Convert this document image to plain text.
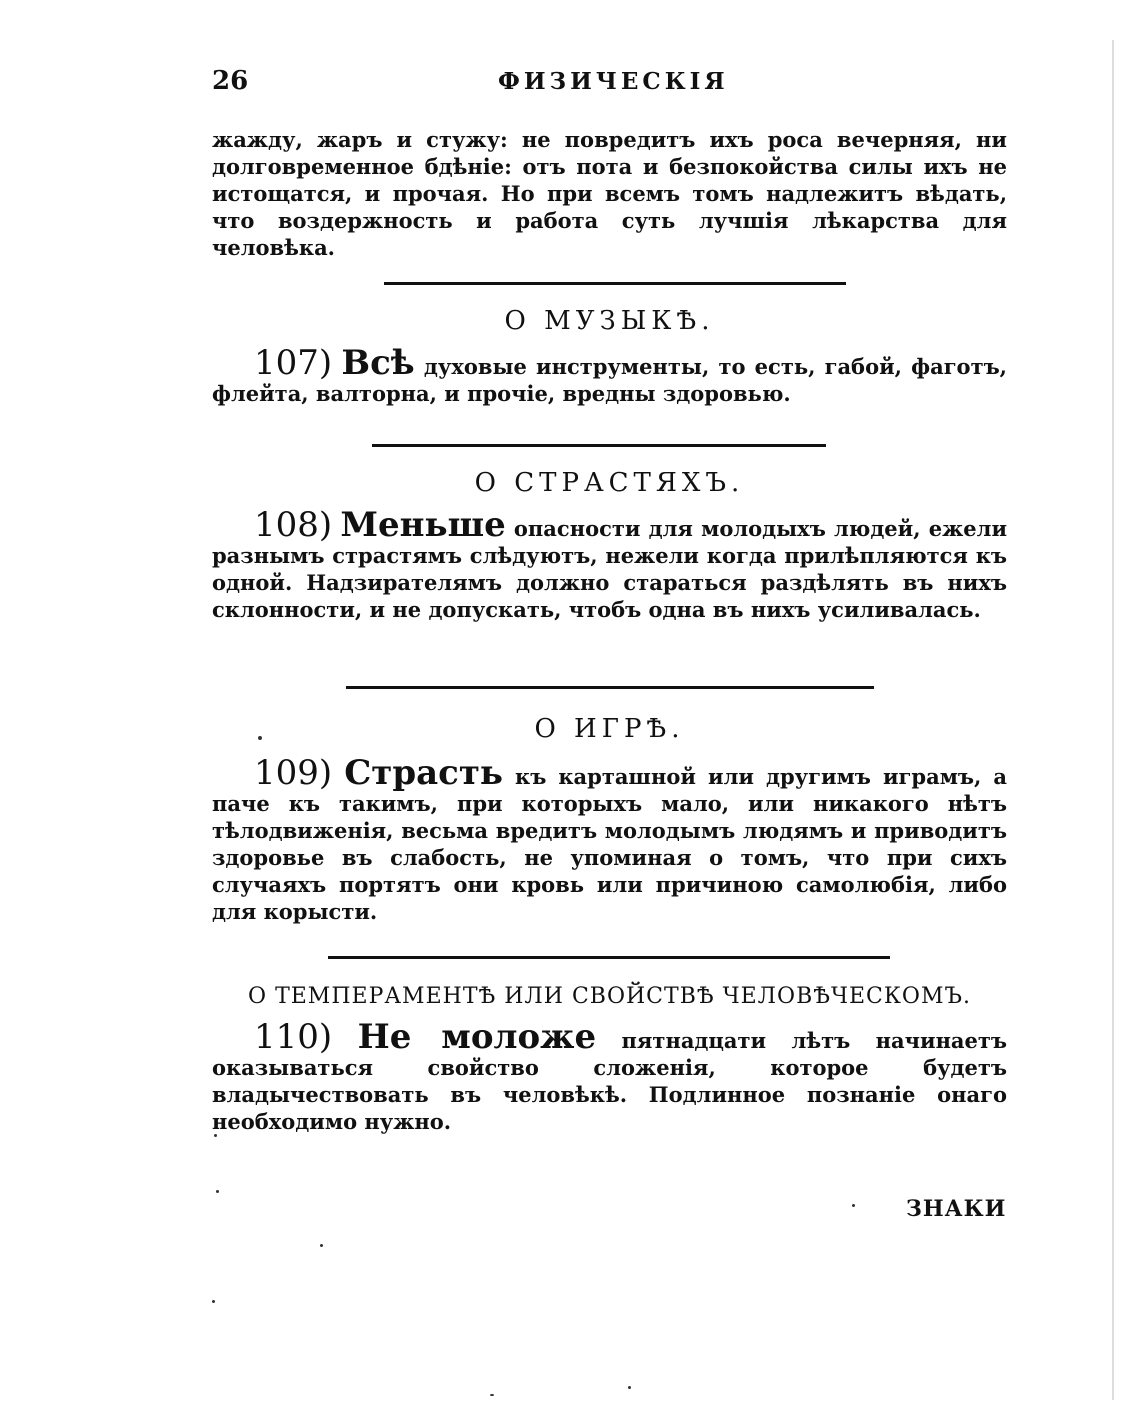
26	ФИЗИЧЕСКІЯ
жажду, жаръ и стужу: не повредитъ ихъ роса вечерняя, ни долговременное бдѣніе: отъ пота и безпокойства силы ихъ не истощатся, и прочая. Но при всемъ томъ надлежитъ вѣдать, что воздержность и работа суть лучшія лѣкарства для человѣка.
О МУЗЫКѢ.
107) Всѣ духовые инструменты, то есть, габой, фаготъ, флейта, валторна, и прочіе, вредны здоровью.
О СТРАСТЯХЪ.
108) Меньше опасности для молодыхъ людей, ежели разнымъ страстямъ слѣдуютъ, нежели когда прилѣпляются къ одной. Надзирателямъ должно стараться раздѣлять въ нихъ склонности, и не допускать, чтобъ одна въ нихъ усиливалась.
О ИГРѢ.
109) Страсть къ карташной или другимъ играмъ, а паче къ такимъ, при которыхъ мало, или никакого нѣтъ тѣлодвиженія, весьма вредитъ молодымъ людямъ и приводитъ здоровье въ слабость, не упоминая о томъ, что при сихъ случаяхъ портятъ они кровь или причиною самолюбія, либо для корысти.
О ТЕМПЕРАМЕНТѢ ИЛИ СВОЙСТВѢ ЧЕЛОВѢЧЕСКОМЪ.
110) Не моложе пятнадцати лѣтъ начинаетъ оказываться свойство сложенія, которое будетъ владычествовать въ человѣкѣ. Подлинное познаніе онаго необходимо нужно.
ЗНАКИ
